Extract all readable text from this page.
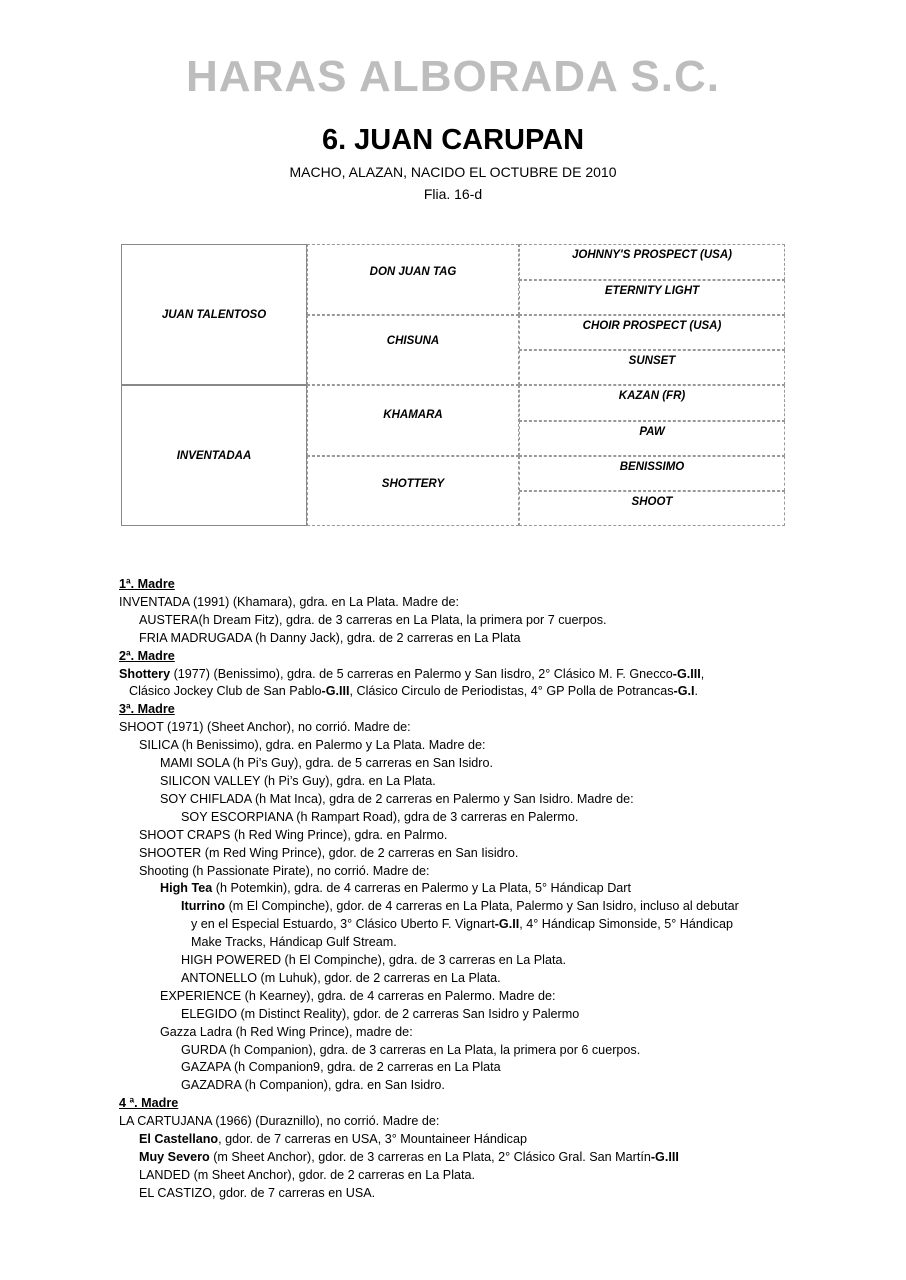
HARAS ALBORADA S.C.
6. JUAN CARUPAN
MACHO, ALAZAN, NACIDO EL OCTUBRE DE 2010
Flia. 16-d
JUAN TALENTOSO
INVENTADAA
DON JUAN TAG
CHISUNA
KHAMARA
SHOTTERY
JOHNNY'S PROSPECT (USA)
ETERNITY LIGHT
CHOIR PROSPECT (USA)
SUNSET
KAZAN (FR)
PAW
BENISSIMO
SHOOT
1ª. Madre
INVENTADA (1991) (Khamara), gdra. en La Plata. Madre de:
AUSTERA(h Dream Fitz), gdra. de 3 carreras en La Plata, la primera por 7 cuerpos.
FRIA MADRUGADA (h Danny Jack), gdra. de 2 carreras en La Plata
2ª. Madre
Shottery (1977) (Benissimo), gdra. de 5 carreras en Palermo y San Iisdro, 2° Clásico M. F. Gnecco-G.III,
Clásico Jockey Club de San Pablo-G.III, Clásico Circulo de Periodistas, 4° GP Polla de Potrancas-G.I.
3ª. Madre
SHOOT (1971) (Sheet Anchor), no corrió. Madre de:
SILICA (h Benissimo), gdra. en Palermo y La Plata. Madre de:
MAMI SOLA (h Pi’s Guy), gdra. de 5 carreras en San Isidro.
SILICON VALLEY (h Pi’s Guy), gdra. en La Plata.
SOY CHIFLADA (h Mat Inca), gdra de 2 carreras en Palermo y San Isidro. Madre de:
SOY ESCORPIANA (h Rampart Road), gdra de 3 carreras en Palermo.
SHOOT CRAPS (h Red Wing Prince), gdra. en Palrmo.
SHOOTER (m Red Wing Prince), gdor. de 2 carreras en San Iisidro.
Shooting (h Passionate Pirate), no corrió. Madre de:
High Tea (h Potemkin), gdra. de 4 carreras en Palermo y La Plata, 5° Hándicap Dart
Iturrino (m El Compinche), gdor. de 4 carreras en La Plata, Palermo y San Isidro, incluso al debutar
y en el Especial Estuardo, 3° Clásico Uberto F. Vignart-G.II, 4° Hándicap Simonside, 5° Hándicap
Make Tracks, Hándicap Gulf Stream.
HIGH POWERED (h El Compinche), gdra. de 3 carreras en La Plata.
ANTONELLO (m Luhuk), gdor. de 2 carreras en La Plata.
EXPERIENCE (h Kearney), gdra. de 4 carreras en Palermo. Madre de:
ELEGIDO (m Distinct Reality), gdor. de 2 carreras San Isidro y Palermo
Gazza Ladra (h Red Wing Prince), madre de:
GURDA (h Companion), gdra. de 3 carreras en La Plata, la primera por 6 cuerpos.
GAZAPA (h Companion9, gdra. de 2 carreras en La Plata
GAZADRA (h Companion), gdra. en San Isidro.
4 ª. Madre
LA CARTUJANA (1966) (Duraznillo), no corrió. Madre de:
El Castellano, gdor. de 7 carreras en USA, 3° Mountaineer Hándicap
Muy Severo (m Sheet Anchor), gdor. de 3 carreras en La Plata, 2° Clásico Gral. San Martín-G.III
LANDED (m Sheet Anchor), gdor. de 2 carreras en La Plata.
EL CASTIZO, gdor. de 7 carreras en USA.
